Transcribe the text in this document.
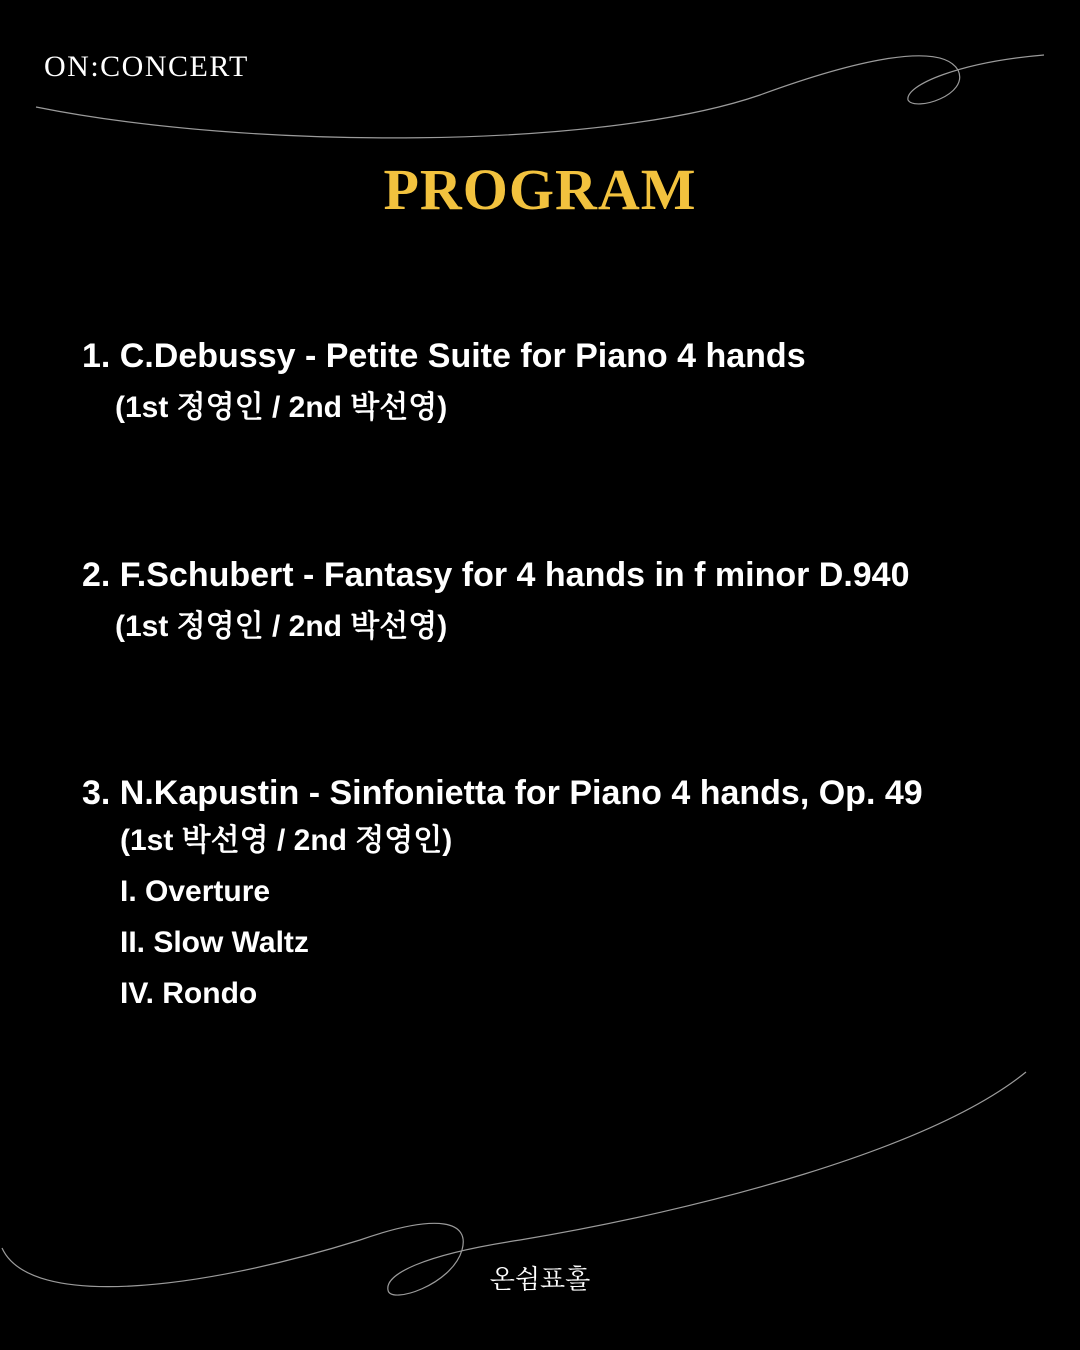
ON:CONCERT
PROGRAM
1. C.Debussy - Petite Suite for Piano 4 hands
(1st 정영인 / 2nd 박선영)
2. F.Schubert - Fantasy for 4 hands in f minor D.940
(1st 정영인 / 2nd 박선영)
3. N.Kapustin - Sinfonietta for Piano 4 hands, Op. 49
(1st 박선영 / 2nd 정영인)
I. Overture
II. Slow Waltz
IV. Rondo
온쉼표홀
